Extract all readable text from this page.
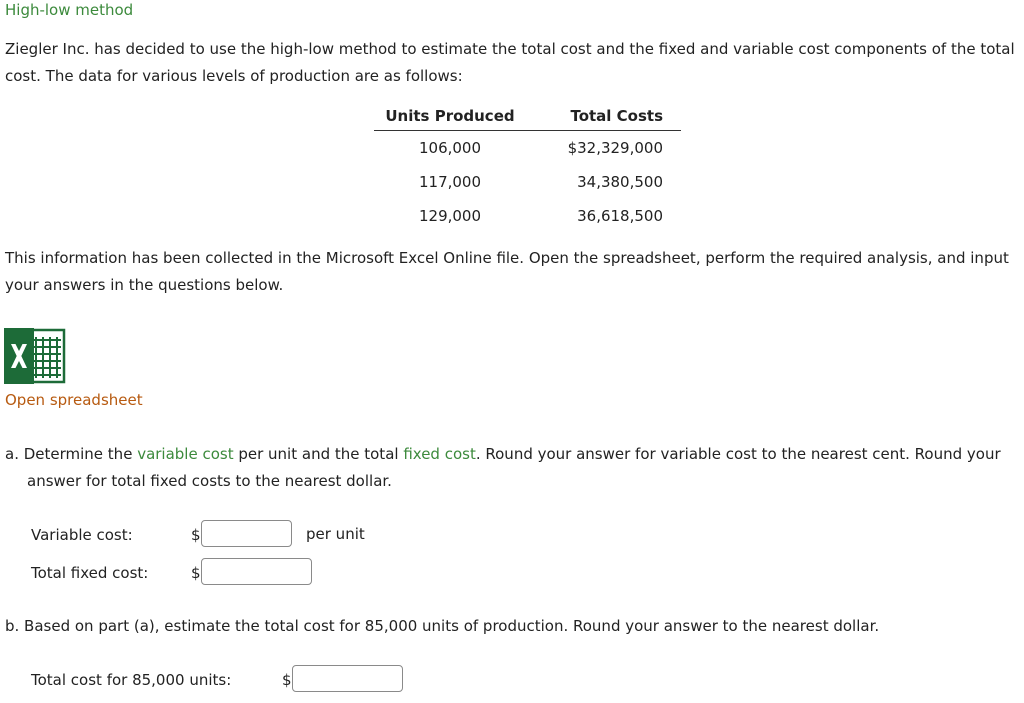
High-low method
Ziegler Inc. has decided to use the high-low method to estimate the total cost and the fixed and variable cost components of the total cost. The data for various levels of production are as follows:
Units Produced	Total Costs
106,000	$32,329,000
117,000	34,380,500
129,000	36,618,500
This information has been collected in the Microsoft Excel Online file. Open the spreadsheet, perform the required analysis, and input your answers in the questions below.
Open spreadsheet
a. Determine the variable cost per unit and the total fixed cost. Round your answer for variable cost to the nearest cent. Round your answer for total fixed costs to the nearest dollar.
Variable cost:	$	per unit
Total fixed cost:	$
b. Based on part (a), estimate the total cost for 85,000 units of production. Round your answer to the nearest dollar.
Total cost for 85,000 units:	$
